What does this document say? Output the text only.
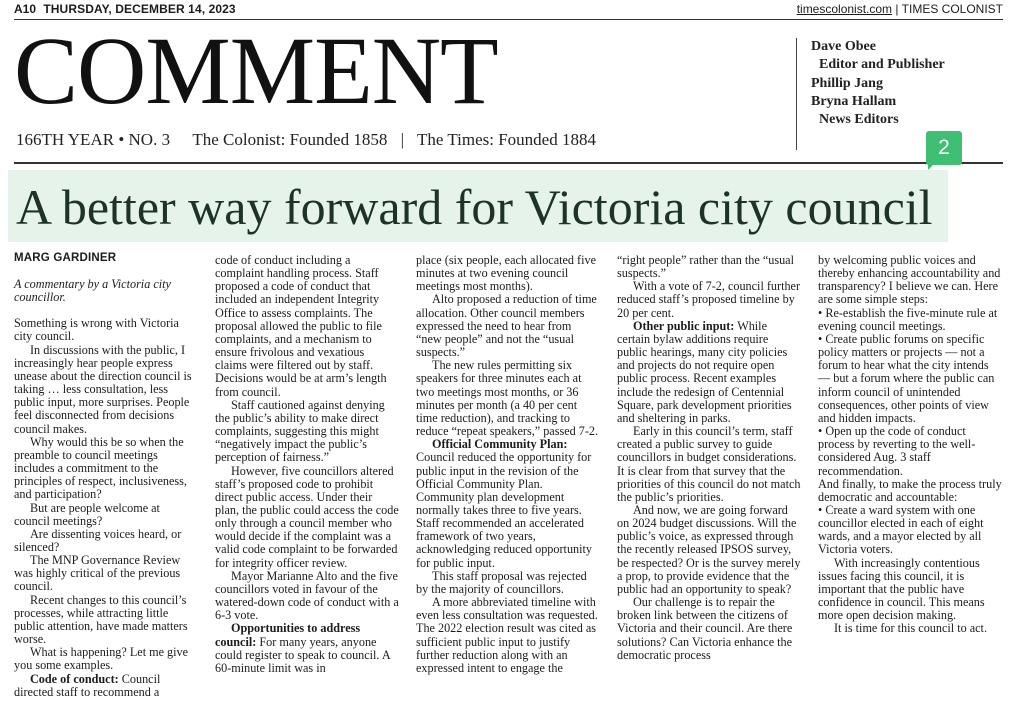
A10 THURSDAY, DECEMBER 14, 2023	timescolonist.com | TIMES COLONIST
COMMENT
166TH YEAR • NO. 3 The Colonist: Founded 1858 | The Times: Founded 1884
Dave Obee
Editor and Publisher
Phillip Jang
Bryna Hallam
News Editors
2
A better way forward for Victoria city council
MARG GARDINER

A commentary by a Victoria city councillor.

Something is wrong with Victoria city council.

In discussions with the public, I increasingly hear people express unease about the direction council is taking … less consultation, less public input, more surprises. People feel disconnected from decisions council makes.

Why would this be so when the preamble to council meetings includes a commitment to the principles of respect, inclusiveness, and participation?

But are people welcome at council meetings?

Are dissenting voices heard, or silenced?

The MNP Governance Review was highly critical of the previous council.

Recent changes to this council’s processes, while attracting little public attention, have made matters worse.

What is happening? Let me give you some examples.

Code of conduct: Council directed staff to recommend a

code of conduct including a complaint handling process. Staff proposed a code of conduct that included an independent Integrity Office to assess complaints. The proposal allowed the public to file complaints, and a mechanism to ensure frivolous and vexatious claims were filtered out by staff. Decisions would be at arm’s length from council.

Staff cautioned against denying the public’s ability to make direct complaints, suggesting this might “negatively impact the public’s perception of fairness.”

However, five councillors altered staff’s proposed code to prohibit direct public access. Under their plan, the public could access the code only through a council member who would decide if the complaint was a valid code complaint to be forwarded for integrity officer review.

Mayor Marianne Alto and the five councillors voted in favour of the watered-down code of conduct with a 6-3 vote.

Opportunities to address council: For many years, anyone could register to speak to council. A 60-minute limit was in

place (six people, each allocated five minutes at two evening council meetings most months).

Alto proposed a reduction of time allocation. Other council members expressed the need to hear from “new people” and not the “usual suspects.”

The new rules permitting six speakers for three minutes each at two meetings most months, or 36 minutes per month (a 40 per cent time reduction), and tracking to reduce “repeat speakers,” passed 7-2.

Official Community Plan: Council reduced the opportunity for public input in the revision of the Official Community Plan. Community plan development normally takes three to five years. Staff recommended an accelerated framework of two years, acknowledging reduced opportunity for public input.

This staff proposal was rejected by the majority of councillors.

A more abbreviated timeline with even less consultation was requested. The 2022 election result was cited as sufficient public input to justify further reduction along with an expressed intent to engage the

“right people” rather than the “usual suspects.”

With a vote of 7-2, council further reduced staff’s proposed timeline by 20 per cent.

Other public input: While certain bylaw additions require public hearings, many city policies and projects do not require open public process. Recent examples include the redesign of Centennial Square, park development priorities and sheltering in parks.

Early in this council’s term, staff created a public survey to guide councillors in budget considerations. It is clear from that survey that the priorities of this council do not match the public’s priorities.

And now, we are going forward on 2024 budget discussions. Will the public’s voice, as expressed through the recently released IPSOS survey, be respected? Or is the survey merely a prop, to provide evidence that the public had an opportunity to speak?

Our challenge is to repair the broken link between the citizens of Victoria and their council. Are there solutions? Can Victoria enhance the democratic process

by welcoming public voices and thereby enhancing accountability and transparency? I believe we can. Here are some simple steps:

• Re-establish the five-minute rule at evening council meetings.

• Create public forums on specific policy matters or projects — not a forum to hear what the city intends — but a forum where the public can inform council of unintended consequences, other points of view and hidden impacts.

• Open up the code of conduct process by reverting to the well-considered Aug. 3 staff recommendation.

And finally, to make the process truly democratic and accountable:

• Create a ward system with one councillor elected in each of eight wards, and a mayor elected by all Victoria voters.

With increasingly contentious issues facing this council, it is important that the public have confidence in council. This means more open decision making.

It is time for this council to act.
